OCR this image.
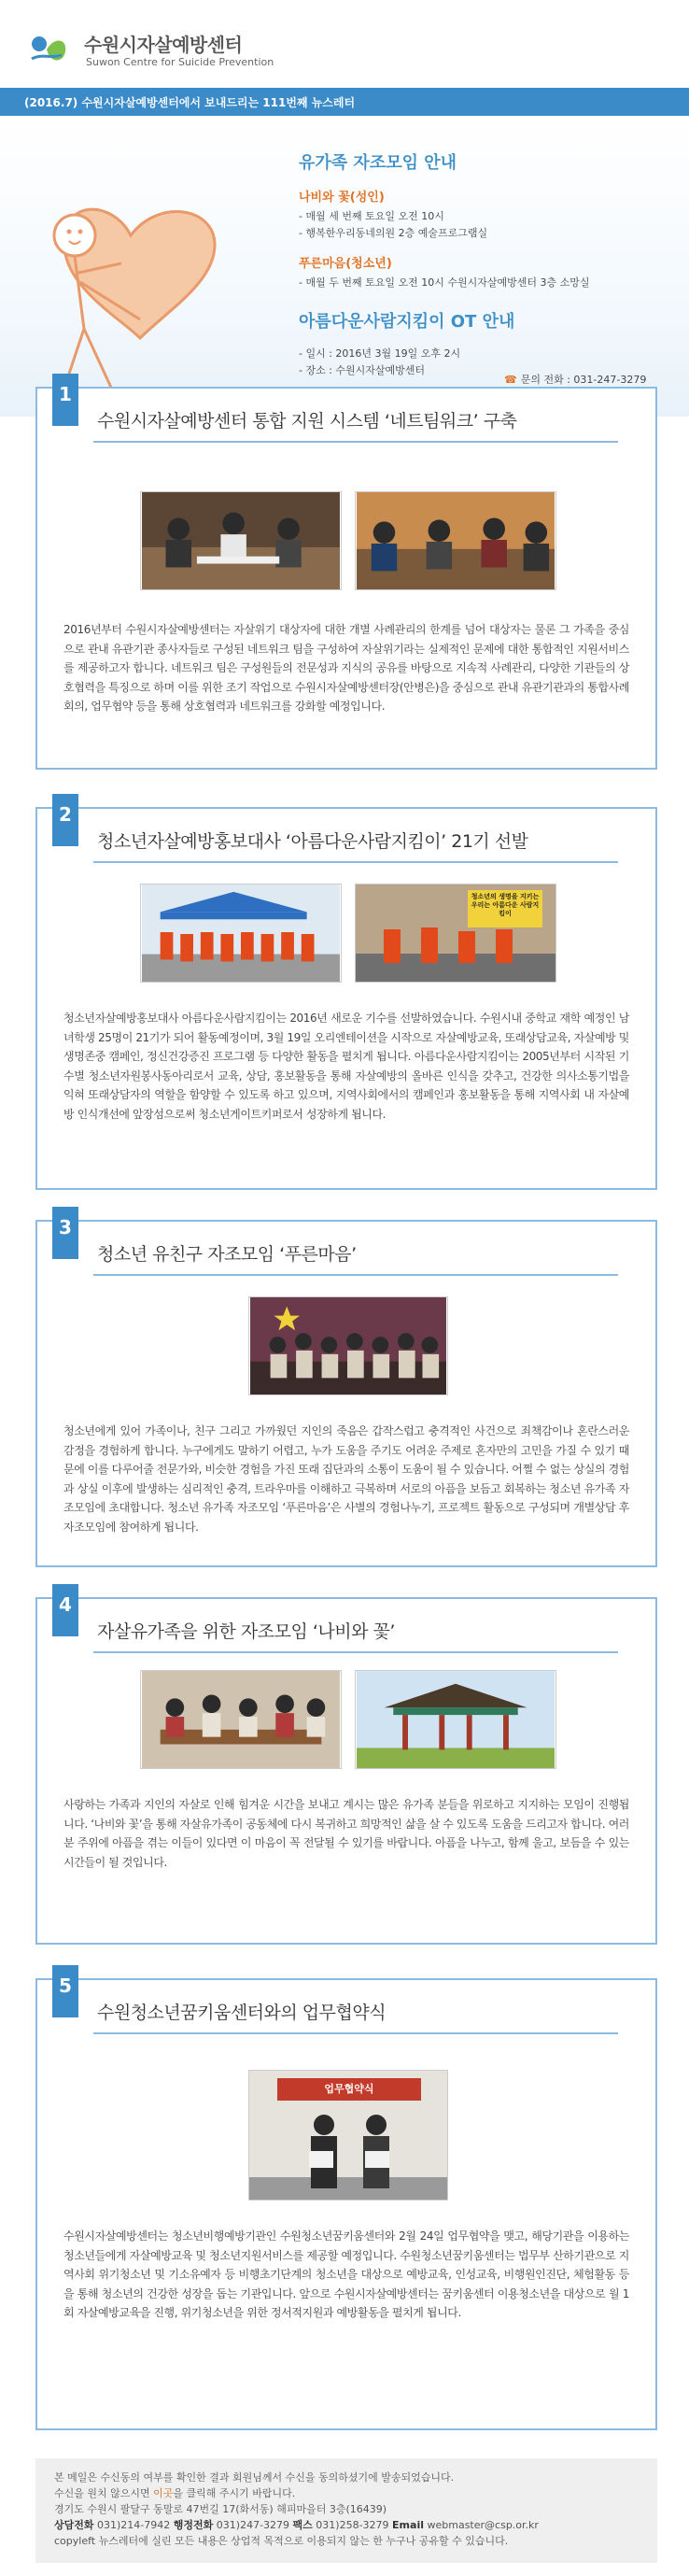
수원시자살예방센터
Suwon Centre for Suicide Prevention
(2016.7) 수원시자살예방센터에서 보내드리는 111번째 뉴스레터
유가족 자조모임 안내
나비와 꽃(성인)
- 매월 세 번째 토요일 오전 10시
- 행복한우리동네의원 2층 예술프로그램실
푸른마음(청소년)
- 매월 두 번째 토요일 오전 10시 수원시자살예방센터 3층 소망실
아름다운사람지킴이 OT 안내
- 일시 : 2016년 3월 19일 오후 2시
- 장소 : 수원시자살예방센터
☎ 문의 전화 : 031-247-3279
1
수원시자살예방센터 통합 지원 시스템 ‘네트팀워크’ 구축
2016년부터 수원시자살예방센터는 자살위기 대상자에 대한 개별 사례관리의 한계를 넘어 대상자는 물론 그 가족을 중심으로 관내 유관기관 종사자들로 구성된 네트워크 팀을 구성하여 자살위기라는 실제적인 문제에 대한 통합적인 지원서비스를 제공하고자 합니다. 네트워크 팀은 구성원들의 전문성과 지식의 공유를 바탕으로 지속적 사례관리, 다양한 기관들의 상호협력을 특징으로 하며 이를 위한 조기 작업으로 수원시자살예방센터장(안병은)을 중심으로 관내 유관기관과의 통합사례회의, 업무협약 등을 통해 상호협력과 네트워크를 강화할 예정입니다.
2
청소년자살예방홍보대사 ‘아름다운사람지킴이’ 21기 선발
청소년의 생명을 지키는 우리는 아름다운 사람지킴이
청소년자살예방홍보대사 아름다운사람지킴이는 2016년 새로운 기수를 선발하였습니다. 수원시내 중학교 재학 예정인 남녀학생 25명이 21기가 되어 활동예정이며, 3월 19일 오리엔테이션을 시작으로 자살예방교육, 또래상담교육, 자살예방 및 생명존중 캠페인, 정신건강증진 프로그램 등 다양한 활동을 펼치게 됩니다. 아름다운사람지킴이는 2005년부터 시작된 기수별 청소년자원봉사동아리로서 교육, 상담, 홍보활동을 통해 자살예방의 올바른 인식을 갖추고, 건강한 의사소통기법을 익혀 또래상담자의 역할을 함양할 수 있도록 하고 있으며, 지역사회에서의 캠페인과 홍보활동을 통해 지역사회 내 자살예방 인식개선에 앞장섬으로써 청소년게이트키퍼로서 성장하게 됩니다.
3
청소년 유친구 자조모임 ‘푸른마음’
청소년에게 있어 가족이나, 친구 그리고 가까웠던 지인의 죽음은 갑작스럽고 충격적인 사건으로 죄책감이나 혼란스러운 감정을 경험하게 합니다. 누구에게도 말하기 어렵고, 누가 도움을 주기도 어려운 주제로 혼자만의 고민을 가질 수 있기 때문에 이를 다루어줄 전문가와, 비슷한 경험을 가진 또래 집단과의 소통이 도움이 될 수 있습니다. 어쩔 수 없는 상실의 경험과 상실 이후에 발생하는 심리적인 충격, 트라우마를 이해하고 극복하며 서로의 아픔을 보듬고 회복하는 청소년 유가족 자조모임에 초대합니다. 청소년 유가족 자조모임 ‘푸른마음’은 사별의 경험나누기, 프로젝트 활동으로 구성되며 개별상담 후 자조모임에 참여하게 됩니다.
4
자살유가족을 위한 자조모임 ‘나비와 꽃’
사랑하는 가족과 지인의 자살로 인해 힘겨운 시간을 보내고 계시는 많은 유가족 분들을 위로하고 지지하는 모임이 진행됩니다. ‘나비와 꽃’을 통해 자살유가족이 공동체에 다시 복귀하고 희망적인 삶을 살 수 있도록 도움을 드리고자 합니다. 여러분 주위에 아픔을 겪는 이들이 있다면 이 마음이 꼭 전달될 수 있기를 바랍니다. 아픔을 나누고, 함께 울고, 보듬을 수 있는 시간들이 될 것입니다.
5
수원청소년꿈키움센터와의 업무협약식
업무협약식
수원시자살예방센터는 청소년비행예방기관인 수원청소년꿈키움센터와 2월 24일 업무협약을 맺고, 해당기관을 이용하는 청소년들에게 자살예방교육 및 청소년지원서비스를 제공할 예정입니다. 수원청소년꿈키움센터는 법무부 산하기관으로 지역사회 위기청소년 및 기소유예자 등 비행초기단계의 청소년을 대상으로 예방교육, 인성교육, 비행원인진단, 체험활동 등을 통해 청소년의 건강한 성장을 돕는 기관입니다. 앞으로 수원시자살예방센터는 꿈키움센터 이용청소년을 대상으로 월 1회 자살예방교육을 진행, 위기청소년을 위한 정서적지원과 예방활동을 펼치게 됩니다.

본 메일은 수신동의 여부를 확인한 결과 회원님께서 수신을 동의하셨기에 발송되었습니다.

수신을 원치 않으시면 이곳을 클릭해 주시기 바랍니다.

경기도 수원시 팔달구 동말로 47번길 17(화서동) 해피마을터 3층(16439)

상담전화 031)214-7942 행정전화 031)247-3279 팩스 031)258-3279 Email webmaster@csp.or.kr

copyleft 뉴스레터에 실린 모든 내용은 상업적 목적으로 이용되지 않는 한 누구나 공유할 수 있습니다.
